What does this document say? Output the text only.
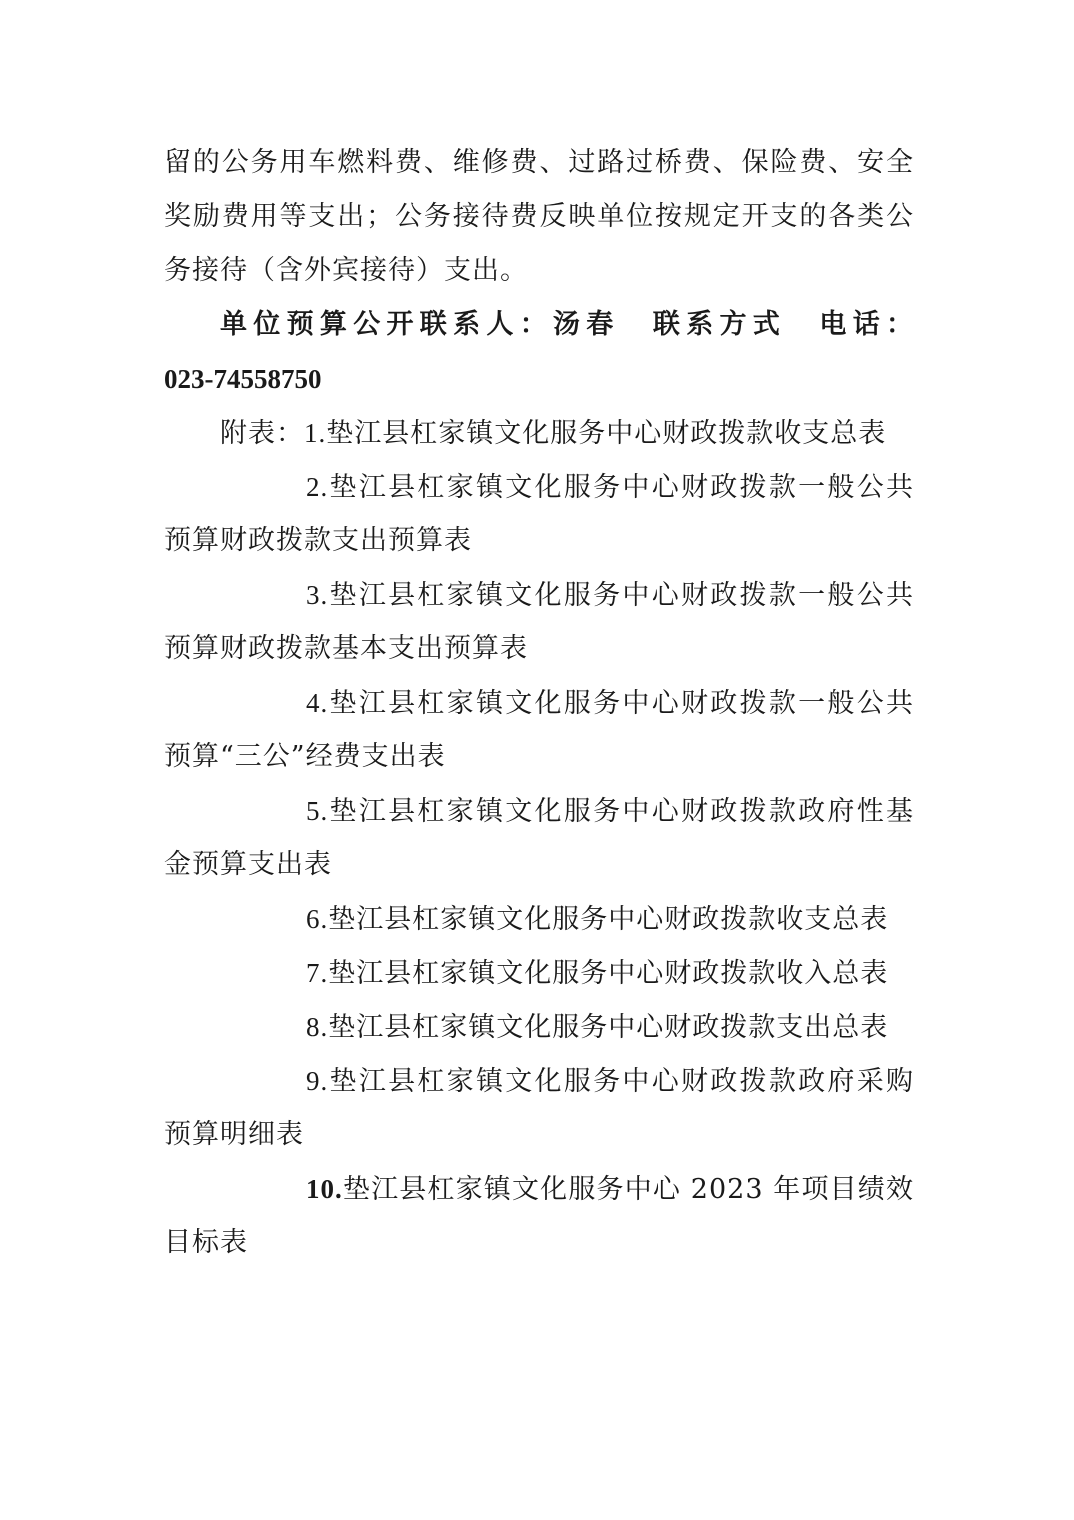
留的公务用车燃料费、维修费、过路过桥费、保险费、安全
奖励费用等支出；公务接待费反映单位按规定开支的各类公
务接待（含外宾接待）支出。
单位预算公开联系人：汤春　联系方式　电话：
023-74558750
附表：1.垫江县杠家镇文化服务中心财政拨款收支总表
2.垫江县杠家镇文化服务中心财政拨款一般公共
预算财政拨款支出预算表
3.垫江县杠家镇文化服务中心财政拨款一般公共
预算财政拨款基本支出预算表
4.垫江县杠家镇文化服务中心财政拨款一般公共
预算“三公”经费支出表
5.垫江县杠家镇文化服务中心财政拨款政府性基
金预算支出表
6.垫江县杠家镇文化服务中心财政拨款收支总表
7.垫江县杠家镇文化服务中心财政拨款收入总表
8.垫江县杠家镇文化服务中心财政拨款支出总表
9.垫江县杠家镇文化服务中心财政拨款政府采购
预算明细表
10.垫江县杠家镇文化服务中心 2023 年项目绩效
目标表
